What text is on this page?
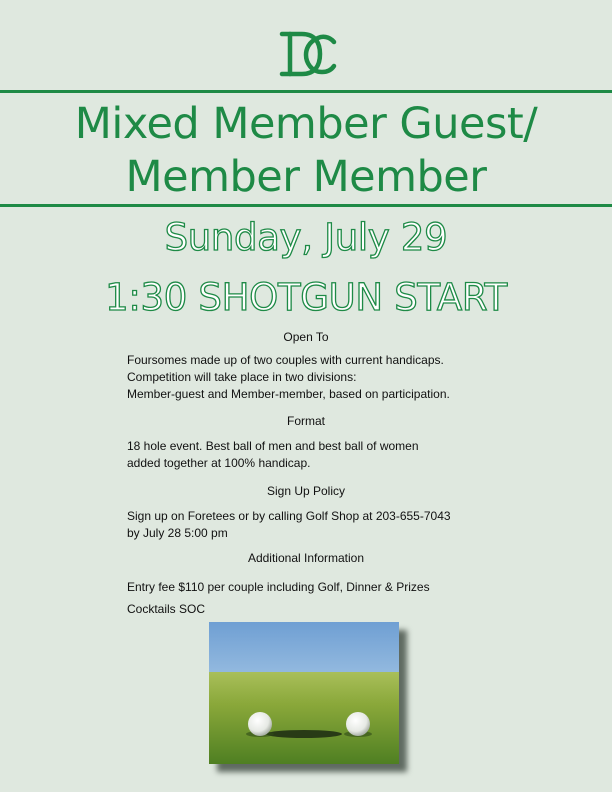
Mixed Member Guest/
Member Member
Sunday, July 29
1:30 SHOTGUN START
Open To
Foursomes made up of two couples with current handicaps.
Competition will take place in two divisions:
Member-guest and Member-member, based on participation.
Format
18 hole event. Best ball of men and best ball of women
added together at 100% handicap.
Sign Up Policy
Sign up on Foretees or by calling Golf Shop at 203-655-7043
by July 28 5:00 pm
Additional Information
Entry fee $110 per couple including Golf, Dinner & Prizes
Cocktails SOC
